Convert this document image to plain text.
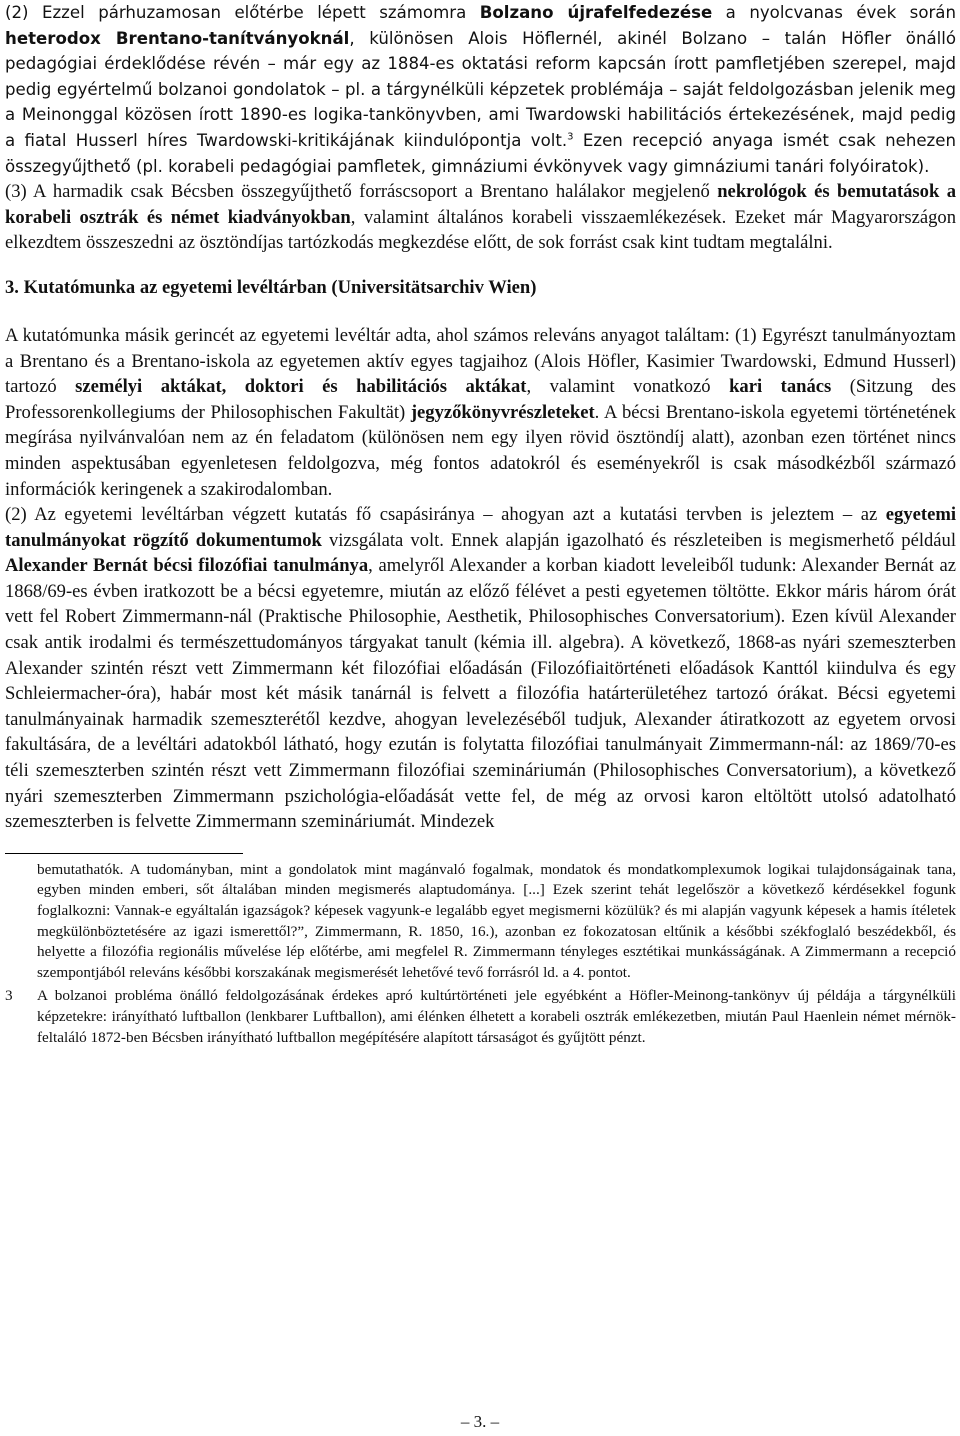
(2) Ezzel párhuzamosan előtérbe lépett számomra Bolzano újrafelfedezése a nyolcvanas évek során heterodox Brentano-tanítványoknál, különösen Alois Höflernél, akinél Bolzano – talán Höfler önálló pedagógiai érdeklődése révén – már egy az 1884-es oktatási reform kapcsán írott pamfletjében szerepel, majd pedig egyértelmű bolzanoi gondolatok – pl. a tárgynélküli képzetek problémája – saját feldolgozásban jelenik meg a Meinonggal közösen írott 1890-es logika-tankönyvben, ami Twardowski habilitációs értekezésének, majd pedig a fiatal Husserl híres Twardowski-kritikájának kiindulópontja volt.$^3$ Ezen recepció anyaga ismét csak nehezen összegyűjthető (pl. korabeli pedagógiai pamfletek, gimnáziumi évkönyvek vagy gimnáziumi tanári folyóiratok).

(3) A harmadik csak Bécsben összegyűjthető forráscsoport a Brentano halálakor megjelenő nekrológok és bemutatások a korabeli osztrák és német kiadványokban, valamint általános korabeli visszaemlékezések. Ezeket már Magyarországon elkezdtem összeszedni az ösztöndíjas tartózkodás megkezdése előtt, de sok forrást csak kint tudtam megtalálni.

3. Kutatómunka az egyetemi levéltárban (Universitätsarchiv Wien)

A kutatómunka másik gerincét az egyetemi levéltár adta, ahol számos releváns anyagot találtam: (1) Egyrészt tanulmányoztam a Brentano és a Brentano-iskola az egyetemen aktív egyes tagjaihoz (Alois Höfler, Kasimier Twardowski, Edmund Husserl) tartozó személyi aktákat, doktori és habilitációs aktákat, valamint vonatkozó kari tanács (Sitzung des Professorenkollegiums der Philosophischen Fakultät) jegyzőkönyvrészleteket. A bécsi Brentano-iskola egyetemi történetének megírása nyilvánvalóan nem az én feladatom (különösen nem egy ilyen rövid ösztöndíj alatt), azonban ezen történet nincs minden aspektusában egyenletesen feldolgozva, még fontos adatokról és eseményekről is csak másodkézből származó információk keringenek a szakirodalomban.

(2) Az egyetemi levéltárban végzett kutatás fő csapásiránya – ahogyan azt a kutatási tervben is jeleztem – az egyetemi tanulmányokat rögzítő dokumentumok vizsgálata volt. Ennek alapján igazolható és részleteiben is megismerhető például Alexander Bernát bécsi filozófiai tanulmánya, amelyről Alexander a korban kiadott leveleiből tudunk: Alexander Bernát az 1868/69-es évben iratkozott be a bécsi egyetemre, miután az előző félévet a pesti egyetemen töltötte. Ekkor máris három órát vett fel Robert Zimmermann-nál (Praktische Philosophie, Aesthetik, Philosophisches Conversatorium). Ezen kívül Alexander csak antik irodalmi és természettudományos tárgyakat tanult (kémia ill. algebra). A következő, 1868-as nyári szemeszterben Alexander szintén részt vett Zimmermann két filozófiai előadásán (Filozófiaitörténeti előadások Kanttól kiindulva és egy Schleiermacher-óra), habár most két másik tanárnál is felvett a filozófia határterületéhez tartozó órákat. Bécsi egyetemi tanulmányainak harmadik szemeszterétől kezdve, ahogyan levelezéséből tudjuk, Alexander átiratkozott az egyetem orvosi fakultására, de a levéltári adatokból látható, hogy ezután is folytatta filozófiai tanulmányait Zimmermann-nál: az 1869/70-es téli szemeszterben szintén részt vett Zimmermann filozófiai szemináriumán (Philosophisches Conversatorium), a következő nyári szemeszterben Zimmermann pszichológia-előadását vette fel, de még az orvosi karon eltöltött utolsó adatolható szemeszterben is felvette Zimmermann szemináriumát. Mindezek

bemutathatók. A tudományban, mint a gondolatok mint magánvaló fogalmak, mondatok és mondatkomplexumok logikai tulajdonságainak tana, egyben minden emberi, sőt általában minden megismerés alaptudománya. [...] Ezek szerint tehát legelőször a következő kérdésekkel fogunk foglalkozni: Vannak-e egyáltalán igazságok? képesek vagyunk-e legalább egyet megismerni közülük? és mi alapján vagyunk képesek a hamis ítéletek megkülönböztetésére az igazi ismerettől?”, Zimmermann, R. 1850, 16.), azonban ez fokozatosan eltűnik a későbbi székfoglaló beszédekből, és helyette a filozófia regionális művelése lép előtérbe, ami megfelel R. Zimmermann tényleges esztétikai munkásságának. A Zimmermann a recepció szempontjából releváns későbbi korszakának megismerését lehetővé tevő forrásról ld. a 4. pontot.

3 A bolzanoi probléma önálló feldolgozásának érdekes apró kultúrtörténeti jele egyébként a Höfler-Meinong-tankönyv új példája a tárgynélküli képzetekre: irányítható luftballon (lenkbarer Luftballon), ami élénken élhetett a korabeli osztrák emlékezetben, miután Paul Haenlein német mérnök-feltaláló 1872-ben Bécsben irányítható luftballon megépítésére alapított társaságot és gyűjtött pénzt.

– 3. –
